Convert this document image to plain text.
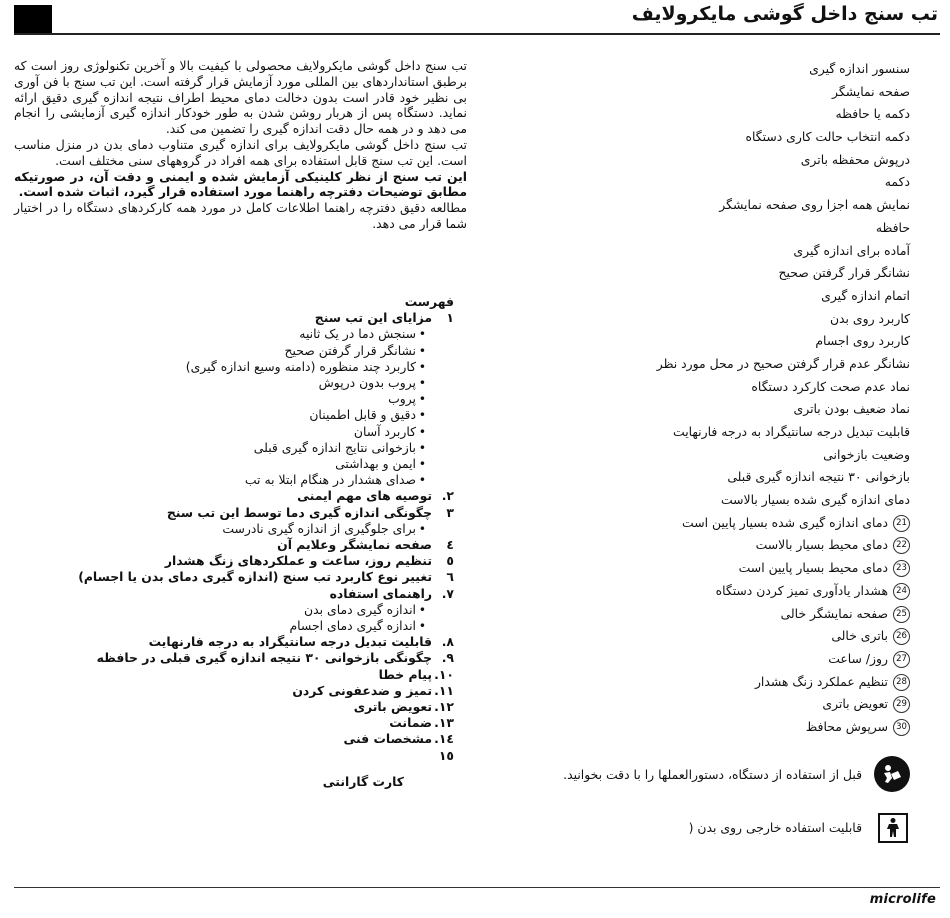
تب سنج داخل گوشی مایکرولایف

تب سنج داخل گوشی مایکرولایف محصولی با کیفیت بالا و آخرین تکنولوژی روز است که برطبق استانداردهای بین المللی مورد آزمایش قرار گرفته است. این تب سنج با فن آوری بی نظیر خود قادر است بدون دخالت دمای محیط اطراف نتیجه اندازه گیری دقیق ارائه نماید. دستگاه پس از هربار روشن شدن به طور خودکار اندازه گیری آزمایشی را انجام می دهد و در همه حال دقت اندازه گیری را تضمین می کند.

تب سنج داخل گوشی مایکرولایف برای اندازه گیری متناوب دمای بدن در منزل مناسب است. این تب سنج قابل استفاده برای همه افراد در گروههای سنی مختلف است.

این تب سنج از نظر کلینیکی آزمایش شده و ایمنی و دقت آن، در صورتیکه مطابق توضیحات دفترچه راهنما مورد استفاده قرار گیرد، اثبات شده است.

مطالعه دقیق دفترچه راهنما اطلاعات کامل در مورد همه کارکردهای دستگاه را در اختیار شما قرار می دهد.

فهرست
۱مزایای این تب سنج
•سنجش دما در یک ثانیه
•نشانگر قرار گرفتن صحیح
•کاربرد چند منظوره (دامنه وسیع اندازه گیری)
•پروب بدون درپوش
•پروب
•دقیق و قابل اطمینان
•کاربرد آسان
•بازخوانی نتایج اندازه گیری قبلی
•ایمن و بهداشتی
•صدای هشدار در هنگام ابتلا به تب
۲.توصیه های مهم ایمنی
۳چگونگی اندازه گیری دما توسط این تب سنج
•برای جلوگیری از اندازه گیری نادرست
٤صفحه نمایشگر وعلایم آن
٥تنظیم روز، ساعت و عملکردهای زنگ هشدار
٦تغییر نوع کاربرد تب سنج (اندازه گیری دمای بدن یا اجسام)
۷.راهنمای استفاده
•اندازه گیری دمای بدن
•اندازه گیری دمای اجسام
۸.قابلیت تبدیل درجه سانتیگراد به درجه فارنهایت
۹.چگونگی بازخوانی ۳۰ نتیجه اندازه گیری قبلی در حافظه
۱۰.پیام خطا
۱۱.تمیز و ضدعفونی کردن
۱۲.تعویض باتری
۱۳.ضمانت
۱٤.مشخصات فنی
۱٥
کارت گارانتی
سنسور اندازه گیری
صفحه نمایشگر
دکمه یا حافظه
دکمه انتخاب حالت کاری دستگاه
درپوش محفظه باتری
دکمه
نمایش همه اجزا روی صفحه نمایشگر
حافظه
آماده برای اندازه گیری
نشانگر قرار گرفتن صحیح
اتمام اندازه گیری
کاربرد روی بدن
کاربرد روی اجسام
نشانگر عدم قرار گرفتن صحیح در محل مورد نظر
نماد عدم صحت کارکرد دستگاه
نماد ضعیف بودن باتری
قابلیت تبدیل درجه سانتیگراد به درجه فارنهایت
وضعیت بازخوانی
بازخوانی ۳۰ نتیجه اندازه گیری قبلی
دمای اندازه گیری شده بسیار بالاست
21دمای اندازه گیری شده بسیار پایین است
22دمای محیط بسیار بالاست
23دمای محیط بسیار پایین است
24هشدار یادآوری تمیز کردن دستگاه
25صفحه نمایشگر خالی
26باتری خالی
27روز/ ساعت
28تنظیم عملکرد زنگ هشدار
29تعویض باتری
30سرپوش محافظ
قبل از استفاده از دستگاه، دستورالعملها را با دقت بخوانید.
قابلیت استفاده خارجی روی بدن (
microlife
